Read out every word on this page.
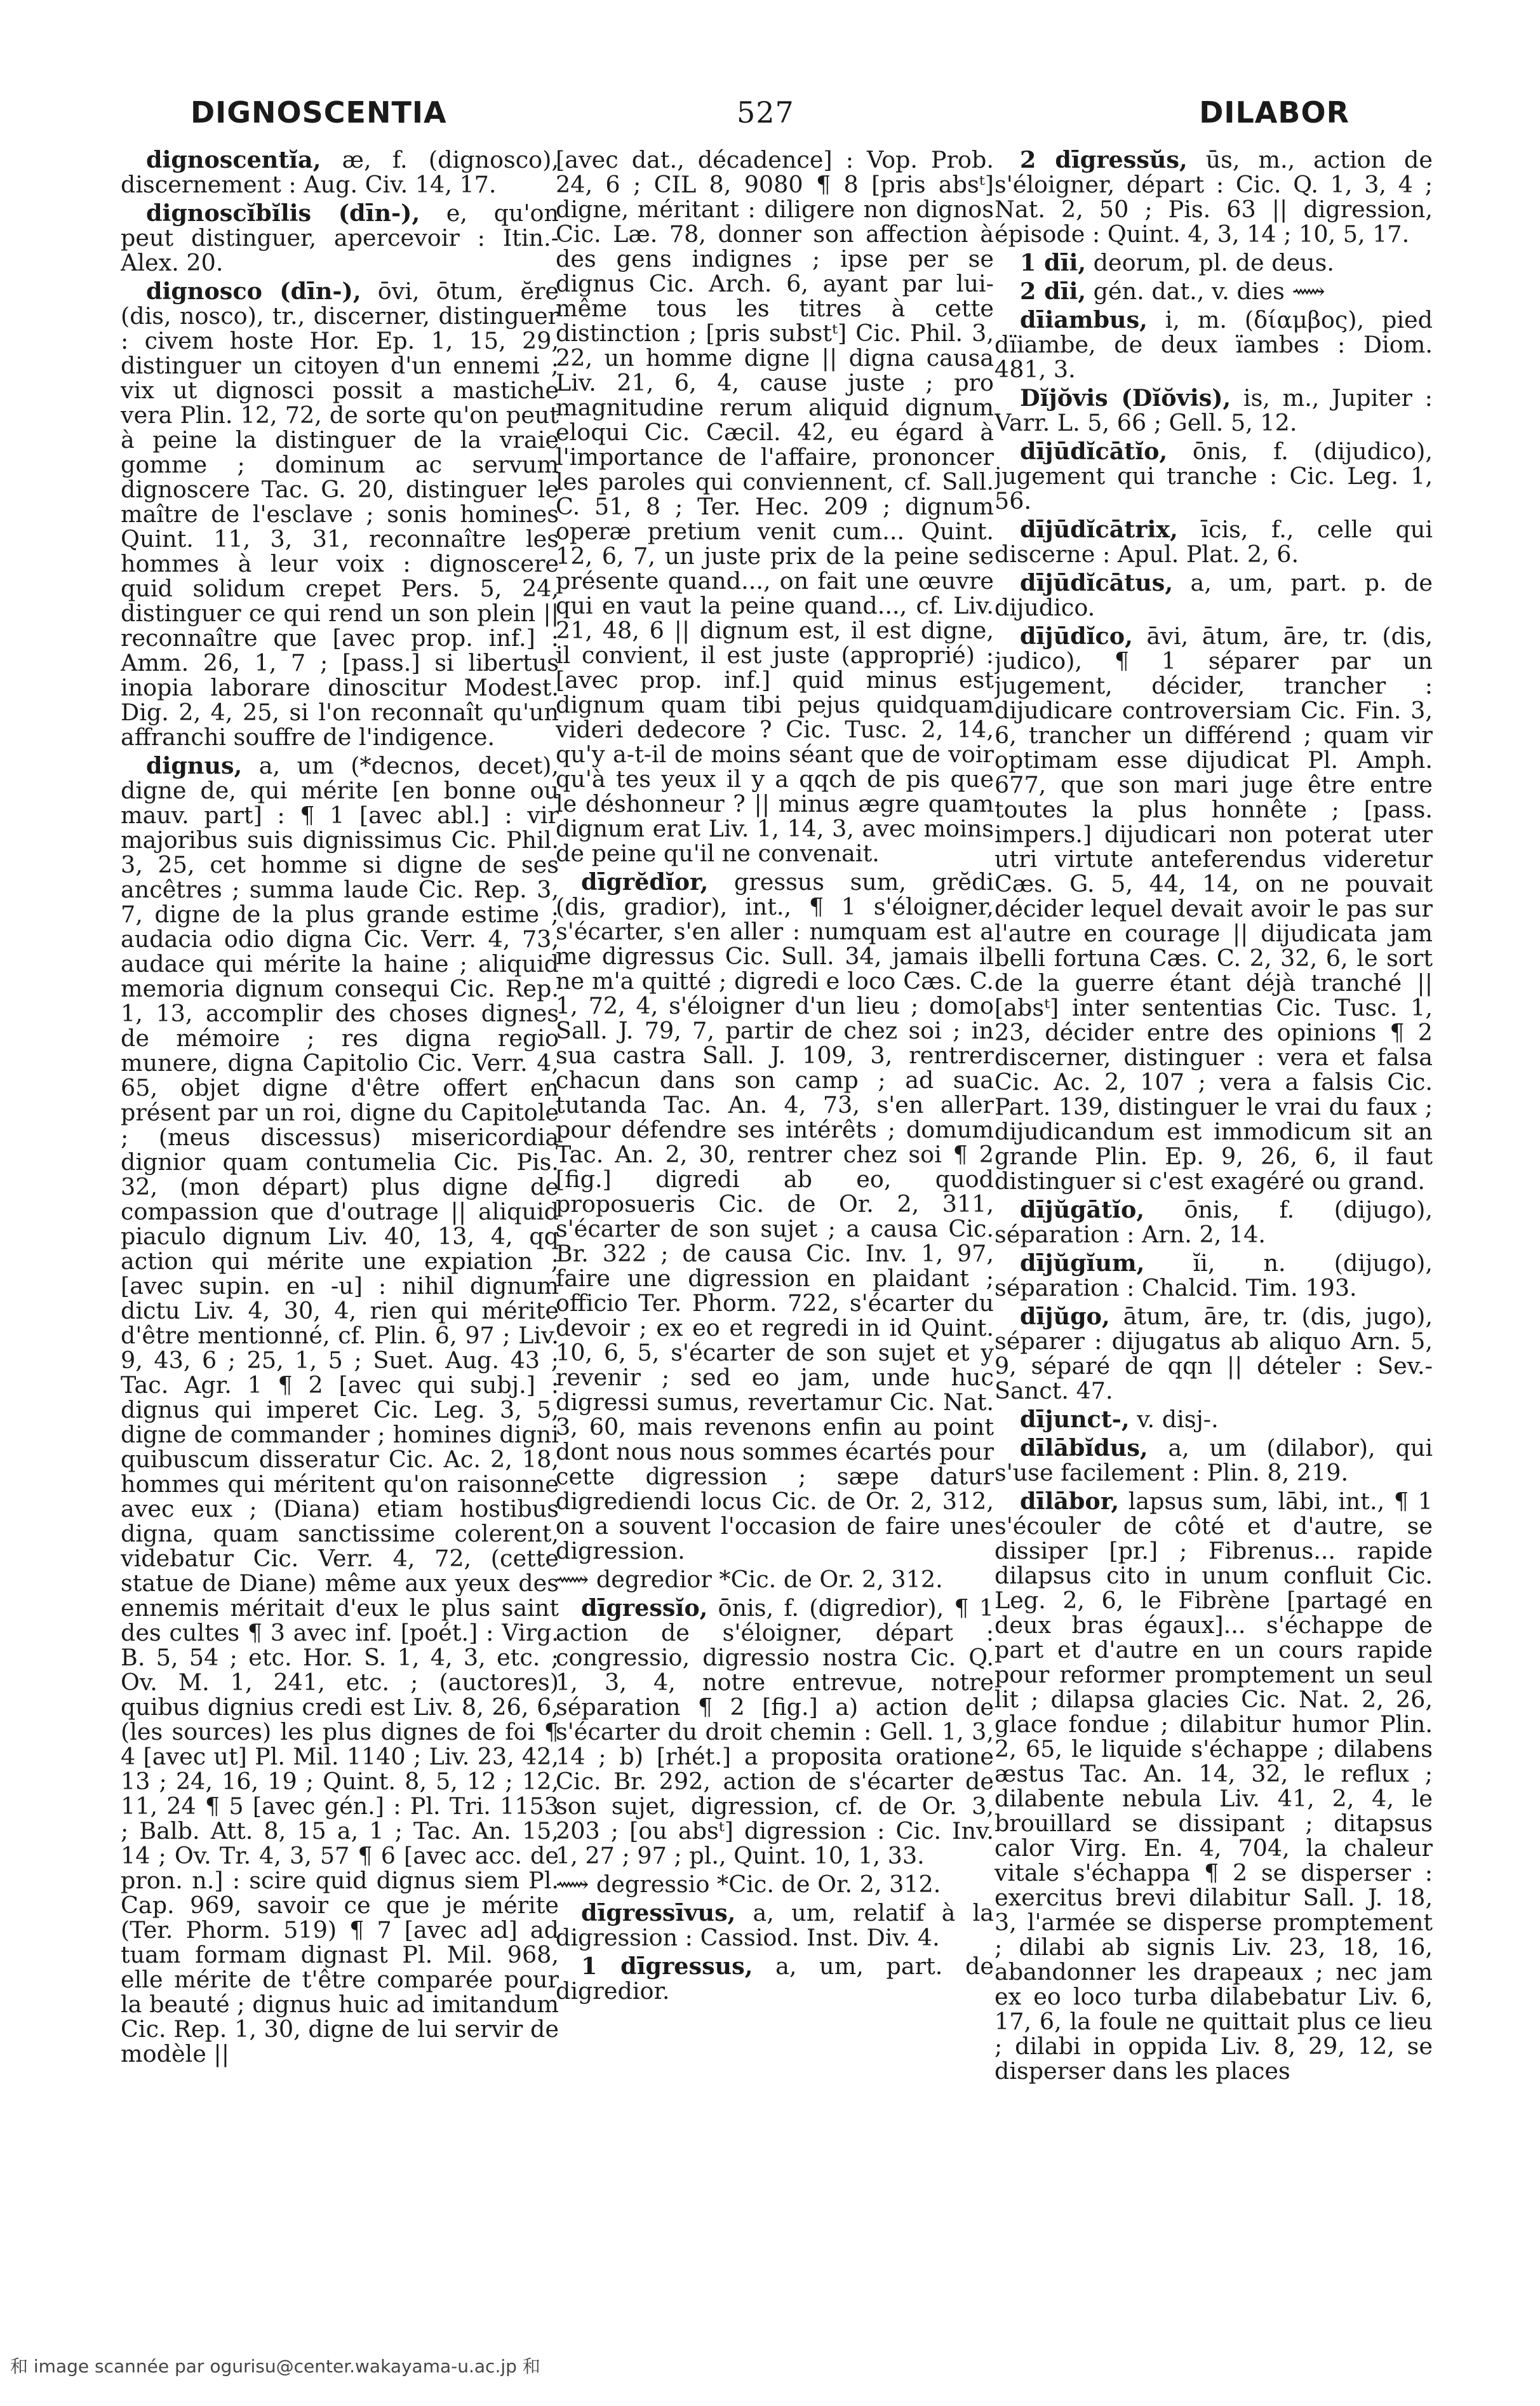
DIGNOSCENTIA	527	DILABOR

dignoscentĭa, æ, f. (dignosco), discernement : Aug. Civ. 14, 17.

dignoscĭbĭlis (dīn-), e, qu'on peut distinguer, apercevoir : Itin.-Alex. 20.

dignosco (dīn-), ōvi, ōtum, ĕre (dis, nosco), tr., discerner, distinguer : civem hoste Hor. Ep. 1, 15, 29, distinguer un citoyen d'un ennemi ; vix ut dignosci possit a mastiche vera Plin. 12, 72, de sorte qu'on peut à peine la distinguer de la vraie gomme ; dominum ac servum dignoscere Tac. G. 20, distinguer le maître de l'esclave ; sonis homines Quint. 11, 3, 31, reconnaître les hommes à leur voix : dignoscere quid solidum crepet Pers. 5, 24, distinguer ce qui rend un son plein || reconnaître que [avec prop. inf.] : Amm. 26, 1, 7 ; [pass.] si libertus inopia laborare dinoscitur Modest. Dig. 2, 4, 25, si l'on reconnaît qu'un affranchi souffre de l'indigence.

dignus, a, um (*decnos, decet), digne de, qui mérite [en bonne ou mauv. part] : ¶ 1 [avec abl.] : vir majoribus suis dignissimus Cic. Phil. 3, 25, cet homme si digne de ses ancêtres ; summa laude Cic. Rep. 3, 7, digne de la plus grande estime ; audacia odio digna Cic. Verr. 4, 73, audace qui mérite la haine ; aliquid memoria dignum consequi Cic. Rep. 1, 13, accomplir des choses dignes de mémoire ; res digna regio munere, digna Capitolio Cic. Verr. 4, 65, objet digne d'être offert en présent par un roi, digne du Capitole ; (meus discessus) misericordia dignior quam contumelia Cic. Pis. 32, (mon départ) plus digne de compassion que d'outrage || aliquid piaculo dignum Liv. 40, 13, 4, qq action qui mérite une expiation ; [avec supin. en -u] : nihil dignum dictu Liv. 4, 30, 4, rien qui mérite d'être mentionné, cf. Plin. 6, 97 ; Liv. 9, 43, 6 ; 25, 1, 5 ; Suet. Aug. 43 ; Tac. Agr. 1 ¶ 2 [avec qui subj.] : dignus qui imperet Cic. Leg. 3, 5, digne de commander ; homines digni quibuscum disseratur Cic. Ac. 2, 18, hommes qui méritent qu'on raisonne avec eux ; (Diana) etiam hostibus digna, quam sanctissime colerent, videbatur Cic. Verr. 4, 72, (cette statue de Diane) même aux yeux des ennemis méritait d'eux le plus saint des cultes ¶ 3 avec inf. [poét.] : Virg. B. 5, 54 ; etc. Hor. S. 1, 4, 3, etc. ; Ov. M. 1, 241, etc. ; (auctores) quibus dignius credi est Liv. 8, 26, 6, (les sources) les plus dignes de foi ¶ 4 [avec ut] Pl. Mil. 1140 ; Liv. 23, 42, 13 ; 24, 16, 19 ; Quint. 8, 5, 12 ; 12, 11, 24 ¶ 5 [avec gén.] : Pl. Tri. 1153 ; Balb. Att. 8, 15 a, 1 ; Tac. An. 15, 14 ; Ov. Tr. 4, 3, 57 ¶ 6 [avec acc. de pron. n.] : scire quid dignus siem Pl. Cap. 969, savoir ce que je mérite (Ter. Phorm. 519) ¶ 7 [avec ad] ad tuam formam dignast Pl. Mil. 968, elle mérite de t'être comparée pour la beauté ; dignus huic ad imitandum Cic. Rep. 1, 30, digne de lui servir de modèle ||

[avec dat., décadence] : Vop. Prob. 24, 6 ; CIL 8, 9080 ¶ 8 [pris absᵗ] digne, méritant : diligere non dignos Cic. Læ. 78, donner son affection à des gens indignes ; ipse per se dignus Cic. Arch. 6, ayant par lui-même tous les titres à cette distinction ; [pris substᵗ] Cic. Phil. 3, 22, un homme digne || digna causa Liv. 21, 6, 4, cause juste ; pro magnitudine rerum aliquid dignum eloqui Cic. Cæcil. 42, eu égard à l'importance de l'affaire, prononcer les paroles qui conviennent, cf. Sall. C. 51, 8 ; Ter. Hec. 209 ; dignum operæ pretium venit cum... Quint. 12, 6, 7, un juste prix de la peine se présente quand..., on fait une œuvre qui en vaut la peine quand..., cf. Liv. 21, 48, 6 || dignum est, il est digne, il convient, il est juste (approprié) : [avec prop. inf.] quid minus est dignum quam tibi pejus quidquam videri dedecore ? Cic. Tusc. 2, 14, qu'y a-t-il de moins séant que de voir qu'à tes yeux il y a qqch de pis que le déshonneur ? || minus ægre quam dignum erat Liv. 1, 14, 3, avec moins de peine qu'il ne convenait.

dīgrĕdĭor, gressus sum, grĕdi (dis, gradior), int., ¶ 1 s'éloigner, s'écarter, s'en aller : numquam est a me digressus Cic. Sull. 34, jamais il ne m'a quitté ; digredi e loco Cæs. C. 1, 72, 4, s'éloigner d'un lieu ; domo Sall. J. 79, 7, partir de chez soi ; in sua castra Sall. J. 109, 3, rentrer chacun dans son camp ; ad sua tutanda Tac. An. 4, 73, s'en aller pour défendre ses intérêts ; domum Tac. An. 2, 30, rentrer chez soi ¶ 2 [fig.] digredi ab eo, quod proposueris Cic. de Or. 2, 311, s'écarter de son sujet ; a causa Cic. Br. 322 ; de causa Cic. Inv. 1, 97, faire une digression en plaidant ; officio Ter. Phorm. 722, s'écarter du devoir ; ex eo et regredi in id Quint. 10, 6, 5, s'écarter de son sujet et y revenir ; sed eo jam, unde huc digressi sumus, revertamur Cic. Nat. 3, 60, mais revenons enfin au point dont nous nous sommes écartés pour cette digression ; sæpe datur digrediendi locus Cic. de Or. 2, 312, on a souvent l'occasion de faire une digression.

⟿ degredior *Cic. de Or. 2, 312.

dīgressĭo, ōnis, f. (digredior), ¶ 1 action de s'éloigner, départ : congressio, digressio nostra Cic. Q. 1, 3, 4, notre entrevue, notre séparation ¶ 2 [fig.] a) action de s'écarter du droit chemin : Gell. 1, 3, 14 ; b) [rhét.] a proposita oratione Cic. Br. 292, action de s'écarter de son sujet, digression, cf. de Or. 3, 203 ; [ou absᵗ] digression : Cic. Inv. 1, 27 ; 97 ; pl., Quint. 10, 1, 33.

⟿ degressio *Cic. de Or. 2, 312.

dīgressīvus, a, um, relatif à la digression : Cassiod. Inst. Div. 4.

1 dīgressus, a, um, part. de digredior.

2 dīgressŭs, ūs, m., action de s'éloigner, départ : Cic. Q. 1, 3, 4 ; Nat. 2, 50 ; Pis. 63 || digression, épisode : Quint. 4, 3, 14 ; 10, 5, 17.

1 dīi, deorum, pl. de deus.

2 dīi, gén. dat., v. dies ⟿

dīiambus, i, m. (δίαμβος), pied dïiambe, de deux ïambes : Diom. 481, 3.

Dĭjŏvis (Dĭŏvis), is, m., Jupiter : Varr. L. 5, 66 ; Gell. 5, 12.

dījūdĭcātĭo, ōnis, f. (dijudico), jugement qui tranche : Cic. Leg. 1, 56.

dījūdĭcātrix, īcis, f., celle qui discerne : Apul. Plat. 2, 6.

dījūdĭcātus, a, um, part. p. de dijudico.

dījūdĭco, āvi, ātum, āre, tr. (dis, judico), ¶ 1 séparer par un jugement, décider, trancher : dijudicare controversiam Cic. Fin. 3, 6, trancher un différend ; quam vir optimam esse dijudicat Pl. Amph. 677, que son mari juge être entre toutes la plus honnête ; [pass. impers.] dijudicari non poterat uter utri virtute anteferendus videretur Cæs. G. 5, 44, 14, on ne pouvait décider lequel devait avoir le pas sur l'autre en courage || dijudicata jam belli fortuna Cæs. C. 2, 32, 6, le sort de la guerre étant déjà tranché || [absᵗ] inter sententias Cic. Tusc. 1, 23, décider entre des opinions ¶ 2 discerner, distinguer : vera et falsa Cic. Ac. 2, 107 ; vera a falsis Cic. Part. 139, distinguer le vrai du faux ; dijudicandum est immodicum sit an grande Plin. Ep. 9, 26, 6, il faut distinguer si c'est exagéré ou grand.

dījŭgātĭo, ōnis, f. (dijugo), séparation : Arn. 2, 14.

dījŭgĭum, ĭi, n. (dijugo), séparation : Chalcid. Tim. 193.

dījŭgo, ātum, āre, tr. (dis, jugo), séparer : dijugatus ab aliquo Arn. 5, 9, séparé de qqn || dételer : Sev.-Sanct. 47.

dījunct-, v. disj-.

dīlābĭdus, a, um (dilabor), qui s'use facilement : Plin. 8, 219.

dīlābor, lapsus sum, lābi, int., ¶ 1 s'écouler de côté et d'autre, se dissiper [pr.] ; Fibrenus... rapide dilapsus cito in unum confluit Cic. Leg. 2, 6, le Fibrène [partagé en deux bras égaux]... s'échappe de part et d'autre en un cours rapide pour reformer promptement un seul lit ; dilapsa glacies Cic. Nat. 2, 26, glace fondue ; dilabitur humor Plin. 2, 65, le liquide s'échappe ; dilabens æstus Tac. An. 14, 32, le reflux ; dilabente nebula Liv. 41, 2, 4, le brouillard se dissipant ; ditapsus calor Virg. En. 4, 704, la chaleur vitale s'échappa ¶ 2 se disperser : exercitus brevi dilabitur Sall. J. 18, 3, l'armée se disperse promptement ; dilabi ab signis Liv. 23, 18, 16, abandonner les drapeaux ; nec jam ex eo loco turba dilabebatur Liv. 6, 17, 6, la foule ne quittait plus ce lieu ; dilabi in oppida Liv. 8, 29, 12, se disperser dans les places

和 image scannée par ogurisu@center.wakayama-u.ac.jp 和
